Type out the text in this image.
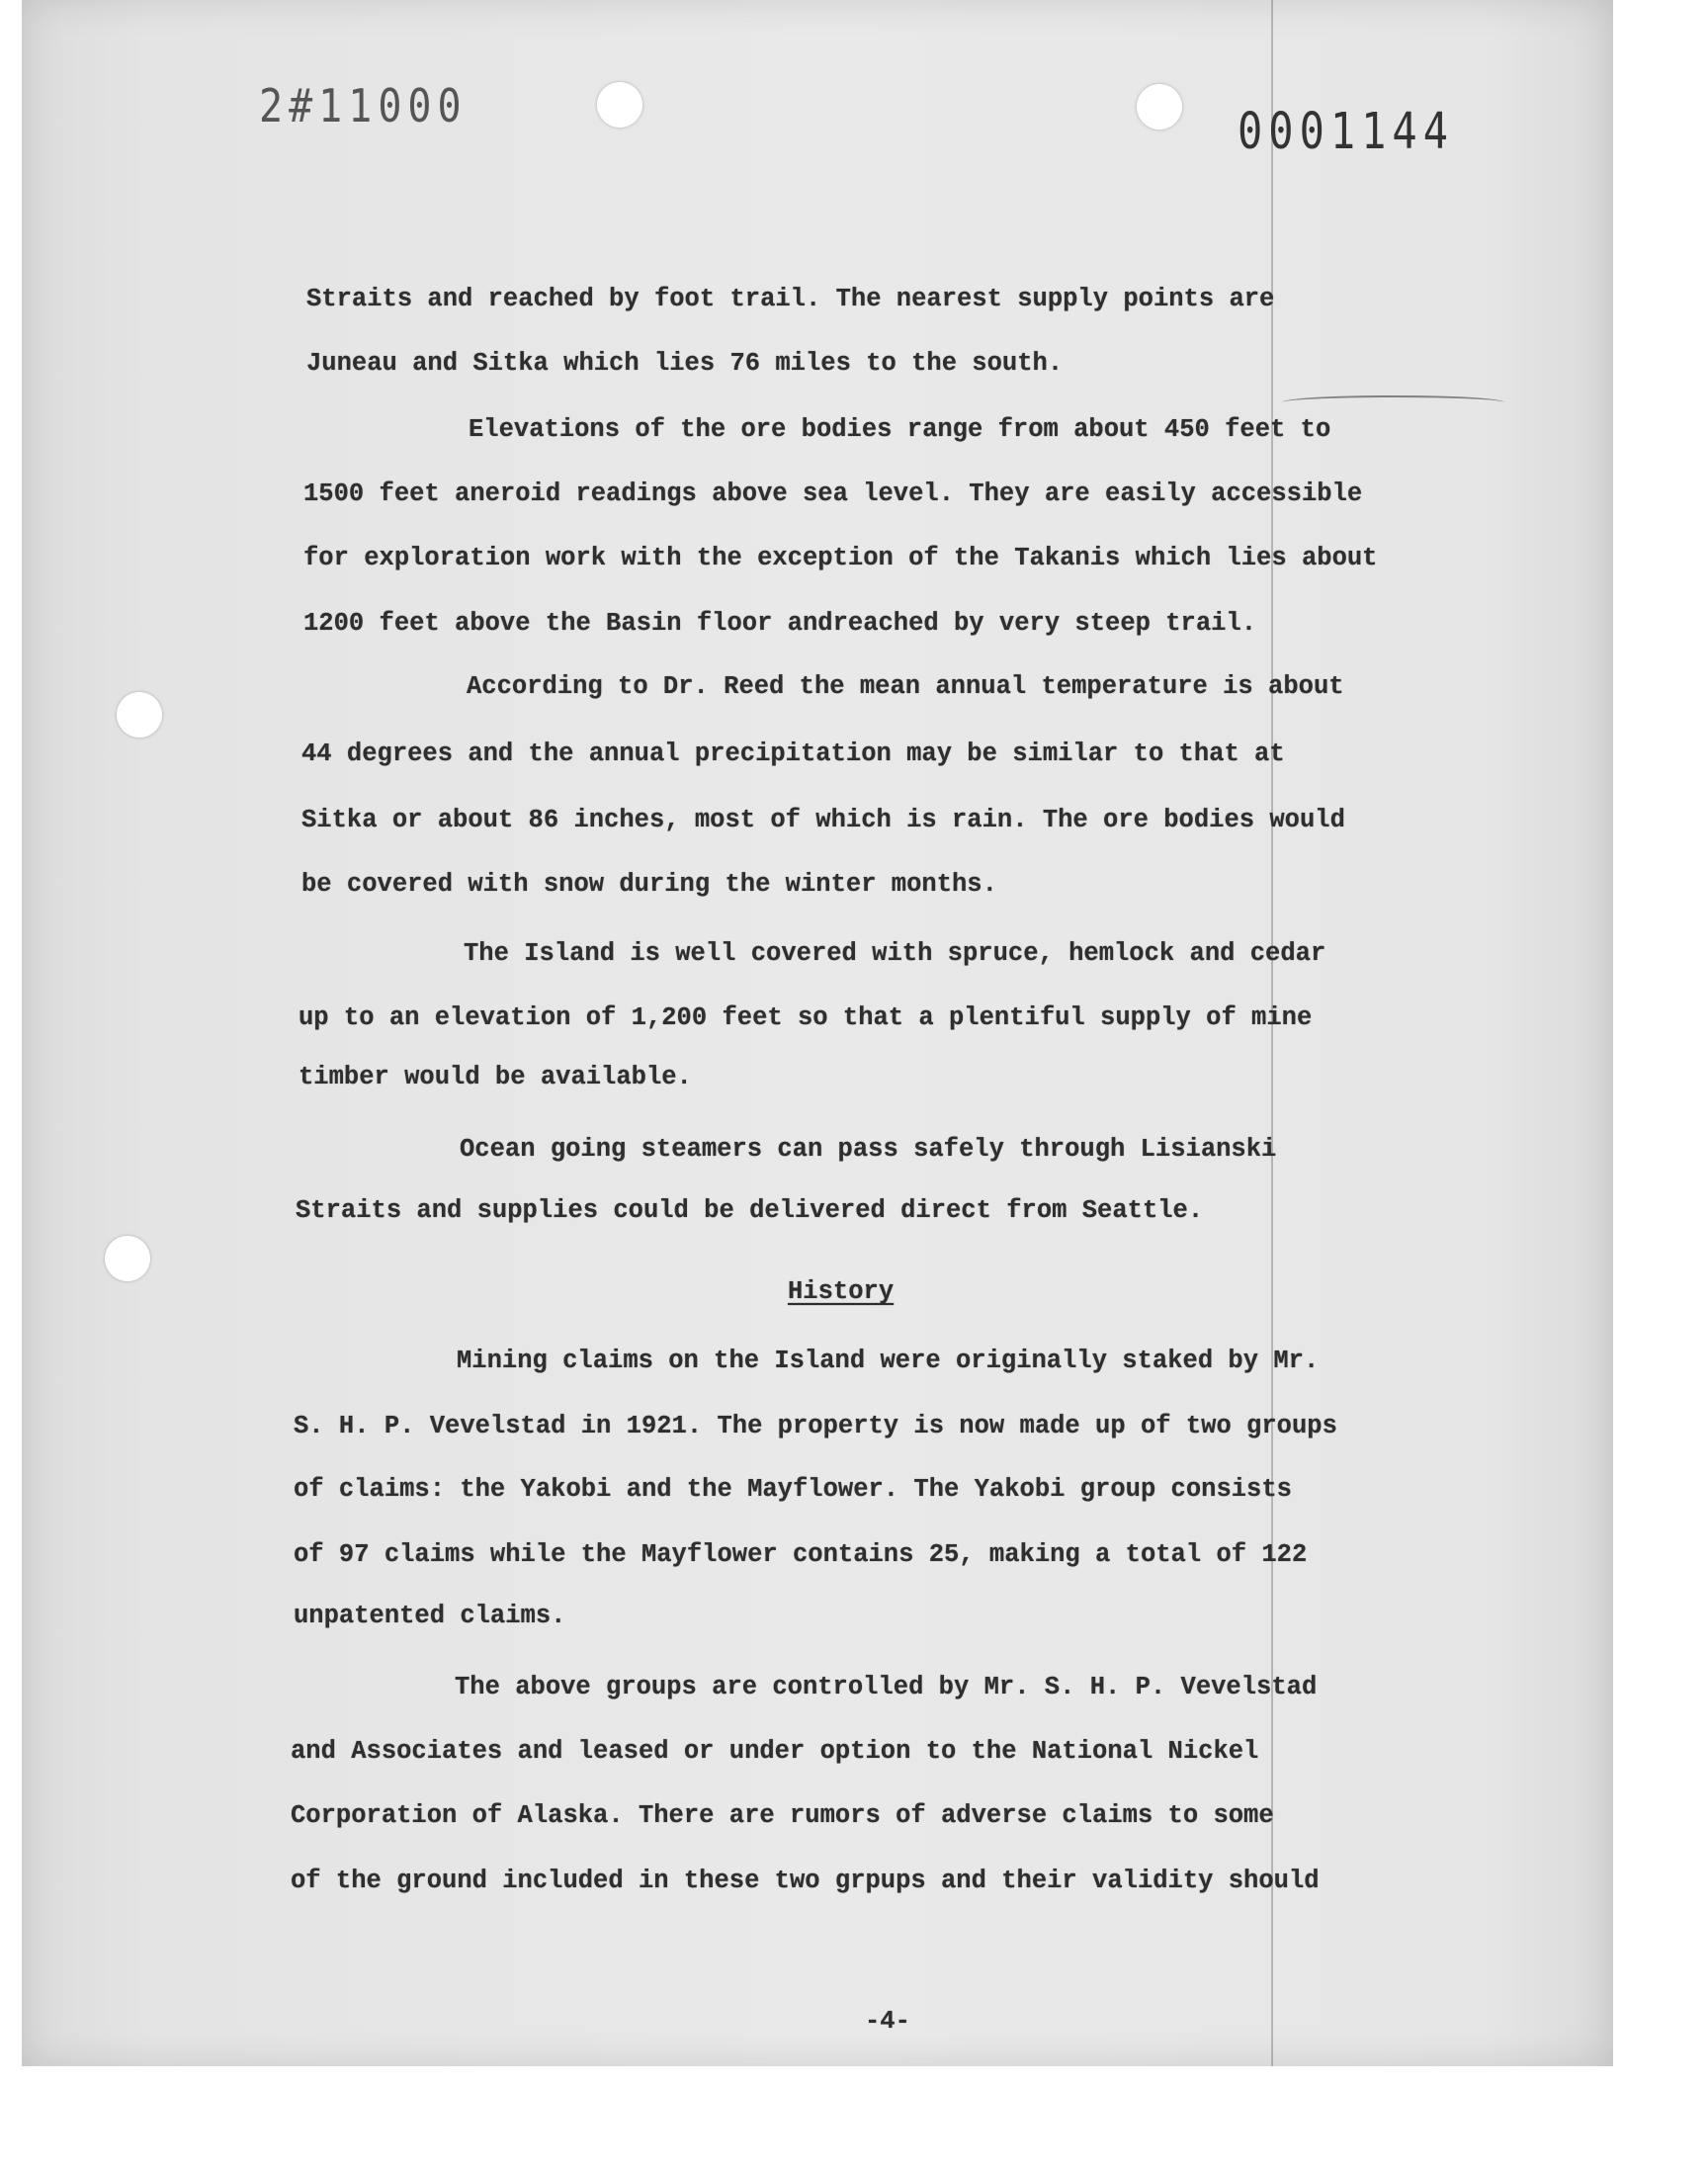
2#11000	0001144
Straits and reached by foot trail. The nearest supply points are
Juneau and Sitka which lies 76 miles to the south.
Elevations of the ore bodies range from about 450 feet to
1500 feet aneroid readings above sea level. They are easily accessible
for exploration work with the exception of the Takanis which lies about
1200 feet above the Basin floor andreached by very steep trail.
According to Dr. Reed the mean annual temperature is about
44 degrees and the annual precipitation may be similar to that at
Sitka or about 86 inches, most of which is rain. The ore bodies would
be covered with snow during the winter months.
The Island is well covered with spruce, hemlock and cedar
up to an elevation of 1,200 feet so that a plentiful supply of mine
timber would be available.
Ocean going steamers can pass safely through Lisianski
Straits and supplies could be delivered direct from Seattle.
History
Mining claims on the Island were originally staked by Mr.
S. H. P. Vevelstad in 1921. The property is now made up of two groups
of claims: the Yakobi and the Mayflower. The Yakobi group consists
of 97 claims while the Mayflower contains 25, making a total of 122
unpatented claims.
The above groups are controlled by Mr. S. H. P. Vevelstad
and Associates and leased or under option to the National Nickel
Corporation of Alaska. There are rumors of adverse claims to some
of the ground included in these two grpups and their validity should
-4-
